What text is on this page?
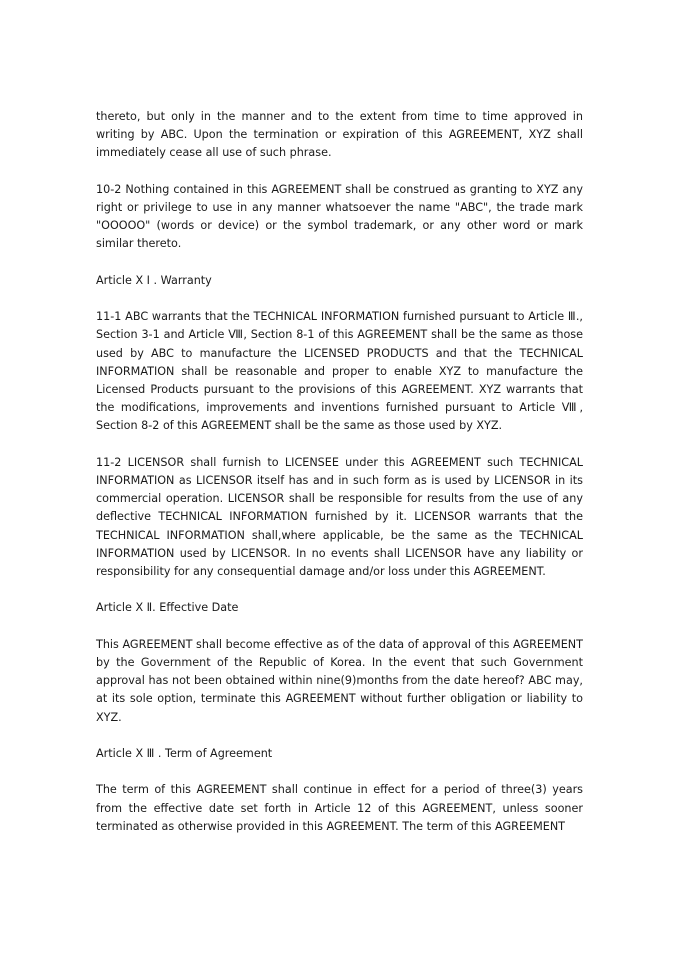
thereto, but only in the manner and to the extent from time to time approved in writing by ABC. Upon the termination or expiration of this AGREEMENT, XYZ shall immediately cease all use of such phrase.

10-2 Nothing contained in this AGREEMENT shall be construed as granting to XYZ any right or privilege to use in any manner whatsoever the name "ABC", the trade mark "OOOOO" (words or device) or the symbol trademark, or any other word or mark similar thereto.

Article X I . Warranty

11-1 ABC warrants that the TECHNICAL INFORMATION furnished pursuant to Article Ⅲ., Section 3-1 and Article Ⅷ, Section 8-1 of this AGREEMENT shall be the same as those used by ABC to manufacture the LICENSED PRODUCTS and that the TECHNICAL INFORMATION shall be reasonable and proper to enable XYZ to manufacture the Licensed Products pursuant to the provisions of this AGREEMENT. XYZ warrants that the modifications, improvements and inventions furnished pursuant to Article Ⅷ, Section 8-2 of this AGREEMENT shall be the same as those used by XYZ.

11-2 LICENSOR shall furnish to LICENSEE under this AGREEMENT such TECHNICAL INFORMATION as LICENSOR itself has and in such form as is used by LICENSOR in its commercial operation. LICENSOR shall be responsible for results from the use of any deflective TECHNICAL INFORMATION furnished by it. LICENSOR warrants that the TECHNICAL INFORMATION shall,where applicable, be the same as the TECHNICAL INFORMATION used by LICENSOR. In no events shall LICENSOR have any liability or responsibility for any consequential damage and/or loss under this AGREEMENT.

Article X Ⅱ. Effective Date

This AGREEMENT shall become effective as of the data of approval of this AGREEMENT by the Government of the Republic of Korea. In the event that such Government approval has not been obtained within nine(9)months from the date hereof? ABC may, at its sole option, terminate this AGREEMENT without further obligation or liability to XYZ.

Article X Ⅲ . Term of Agreement

The term of this AGREEMENT shall continue in effect for a period of three(3) years from the effective date set forth in Article 12 of this AGREEMENT, unless sooner terminated as otherwise provided in this AGREEMENT. The term of this AGREEMENT
